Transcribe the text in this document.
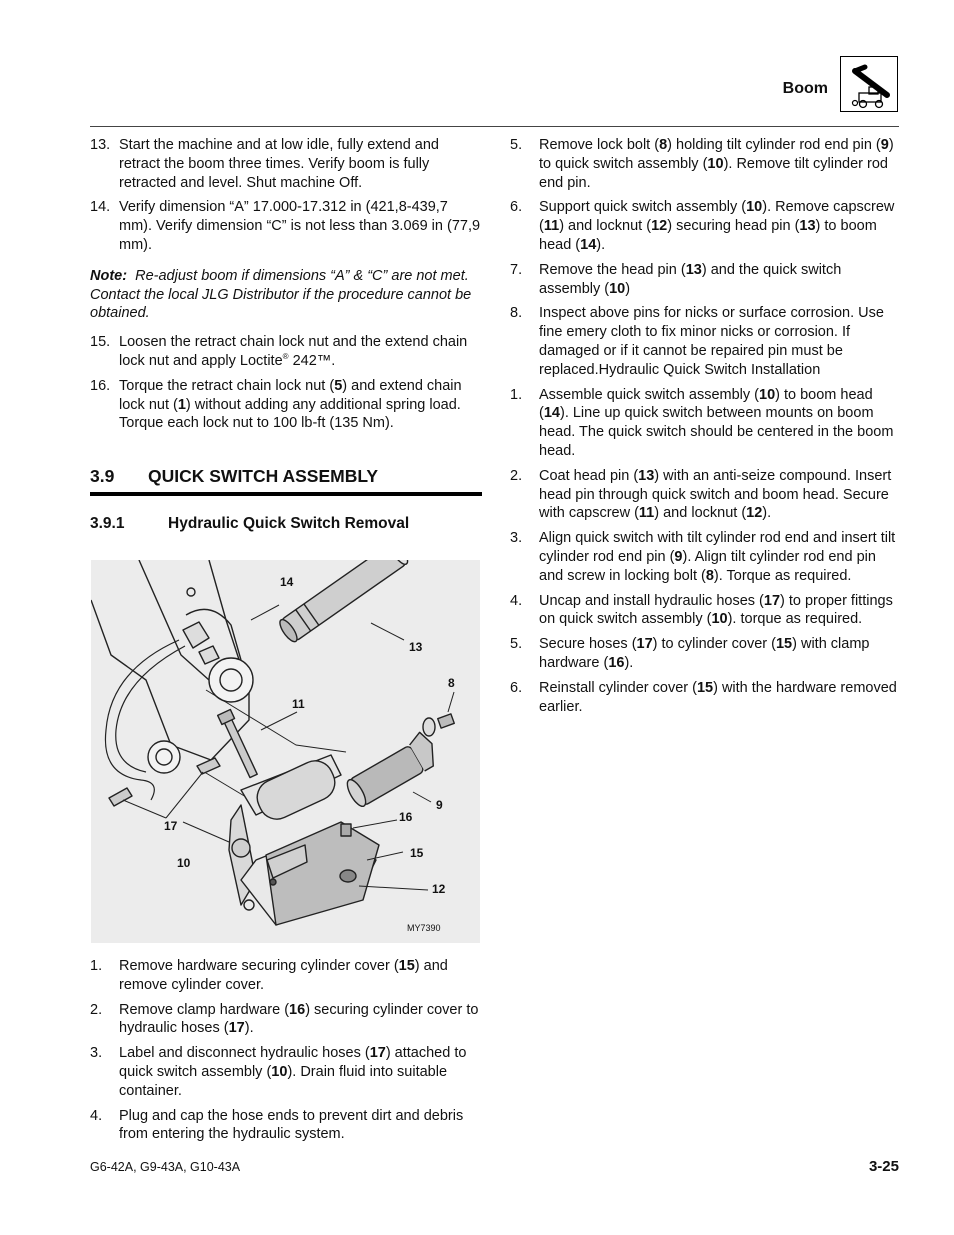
Boom
13. Start the machine and at low idle, fully extend and retract the boom three times. Verify boom is fully retracted and level. Shut machine Off.
14. Verify dimension “A” 17.000-17.312 in (421,8-439,7 mm). Verify dimension “C” is not less than 3.069 in (77,9 mm).
Note: Re-adjust boom if dimensions “A” & “C” are not met. Contact the local JLG Distributor if the procedure cannot be obtained.
15. Loosen the retract chain lock nut and the extend chain lock nut and apply Loctite® 242™.
16. Torque the retract chain lock nut (5) and extend chain lock nut (1) without adding any additional spring load. Torque each lock nut to 100 lb-ft (135 Nm).
3.9 QUICK SWITCH ASSEMBLY
3.9.1	Hydraulic Quick Switch Removal
14
13
8
11
9
16
17
15
10
12
MY7390
1. Remove hardware securing cylinder cover (15) and remove cylinder cover.
2. Remove clamp hardware (16) securing cylinder cover to hydraulic hoses (17).
3. Label and disconnect hydraulic hoses (17) attached to quick switch assembly (10). Drain fluid into suitable container.
4. Plug and cap the hose ends to prevent dirt and debris from entering the hydraulic system.
5. Remove lock bolt (8) holding tilt cylinder rod end pin (9) to quick switch assembly (10). Remove tilt cylinder rod end pin.
6. Support quick switch assembly (10). Remove capscrew (11) and locknut (12) securing head pin (13) to boom head (14).
7. Remove the head pin (13) and the quick switch assembly (10)
8. Inspect above pins for nicks or surface corrosion. Use fine emery cloth to fix minor nicks or corrosion. If damaged or if it cannot be repaired pin must be replaced.Hydraulic Quick Switch Installation
1. Assemble quick switch assembly (10) to boom head (14). Line up quick switch between mounts on boom head. The quick switch should be centered in the boom head.
2. Coat head pin (13) with an anti-seize compound. Insert head pin through quick switch and boom head. Secure with capscrew (11) and locknut (12).
3. Align quick switch with tilt cylinder rod end and insert tilt cylinder rod end pin (9). Align tilt cylinder rod end pin and screw in locking bolt (8). Torque as required.
4. Uncap and install hydraulic hoses (17) to proper fittings on quick switch assembly (10). torque as required.
5. Secure hoses (17) to cylinder cover (15) with clamp hardware (16).
6. Reinstall cylinder cover (15) with the hardware removed earlier.
G6-42A, G9-43A, G10-43A	3-25
